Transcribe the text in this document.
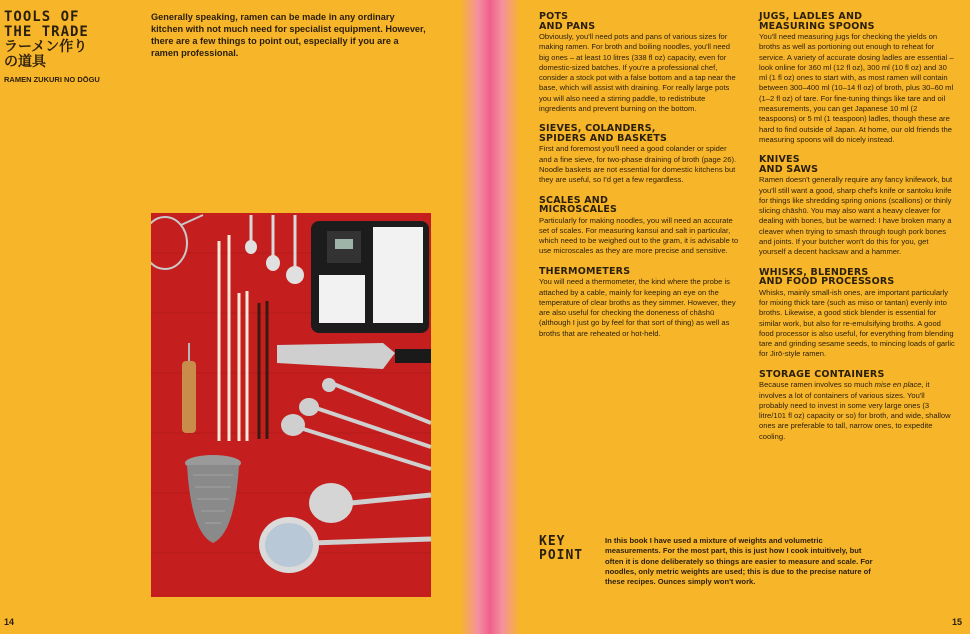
TOOLS OF
THE TRADE
ラーメン作り
の道具
RAMEN ZUKURI NO DŌGU
Generally speaking, ramen can be made in any ordinary kitchen with not much need for specialist equipment. However, there are a few things to point out, especially if you are a ramen professional.
14
POTS
AND PANS

Obviously, you'll need pots and pans of various sizes for making ramen. For broth and boiling noodles, you'll need big ones – at least 10 litres (338 fl oz) capacity, even for domestic-sized batches. If you're a professional chef, consider a stock pot with a false bottom and a tap near the base, which will assist with draining. For really large pots you will also need a stirring paddle, to redistribute ingredients and prevent burning on the bottom.

SIEVES, COLANDERS,
SPIDERS AND BASKETS

First and foremost you'll need a good colander or spider and a fine sieve, for two-phase draining of broth (page 26). Noodle baskets are not essential for domestic kitchens but they are useful, so I'd get a few regardless.

SCALES AND
MICROSCALES

Particularly for making noodles, you will need an accurate set of scales. For measuring kansui and salt in particular, which need to be weighed out to the gram, it is advisable to use microscales as they are more precise and sensitive.

THERMOMETERS

You will need a thermometer, the kind where the probe is attached by a cable, mainly for keeping an eye on the temperature of clear broths as they simmer. However, they are also useful for checking the doneness of chāshū (although I just go by feel for that sort of thing) as well as broths that are reheated or hot-held.

JUGS, LADLES AND
MEASURING SPOONS

You'll need measuring jugs for checking the yields on broths as well as portioning out enough to reheat for service. A variety of accurate dosing ladles are essential – look online for 360 ml (12 fl oz), 300 ml (10 fl oz) and 30 ml (1 fl oz) ones to start with, as most ramen will contain between 300–400 ml (10–14 fl oz) of broth, plus 30–60 ml (1–2 fl oz) of tare. For fine-tuning things like tare and oil measurements, you can get Japanese 10 ml (2 teaspoons) or 5 ml (1 teaspoon) ladles, though these are hard to find outside of Japan. At home, our old friends the measuring spoons will do nicely instead.

KNIVES
AND SAWS

Ramen doesn't generally require any fancy knifework, but you'll still want a good, sharp chef's knife or santoku knife for things like shredding spring onions (scallions) or thinly slicing chāshū. You may also want a heavy cleaver for dealing with bones, but be warned: I have broken many a cleaver when trying to smash through tough pork bones and joints. If your butcher won't do this for you, get yourself a decent hacksaw and a hammer.

WHISKS, BLENDERS
AND FOOD PROCESSORS

Whisks, mainly small-ish ones, are important particularly for mixing thick tare (such as miso or tantan) evenly into broths. Likewise, a good stick blender is essential for similar work, but also for re-emulsifying broths. A good food processor is also useful, for everything from blending tare and grinding sesame seeds, to mincing loads of garlic for Jirō-style ramen.

STORAGE CONTAINERS

Because ramen involves so much mise en place, it involves a lot of containers of various sizes. You'll probably need to invest in some very large ones (3 litre/101 fl oz) capacity or so) for broth, and wide, shallow ones are preferable to tall, narrow ones, to expedite cooling.

KEY
POINT
In this book I have used a mixture of weights and volumetric measurements. For the most part, this is just how I cook intuitively, but often it is done deliberately so things are easier to measure and scale. For noodles, only metric weights are used; this is due to the precise nature of these recipes. Ounces simply won't work.
15
